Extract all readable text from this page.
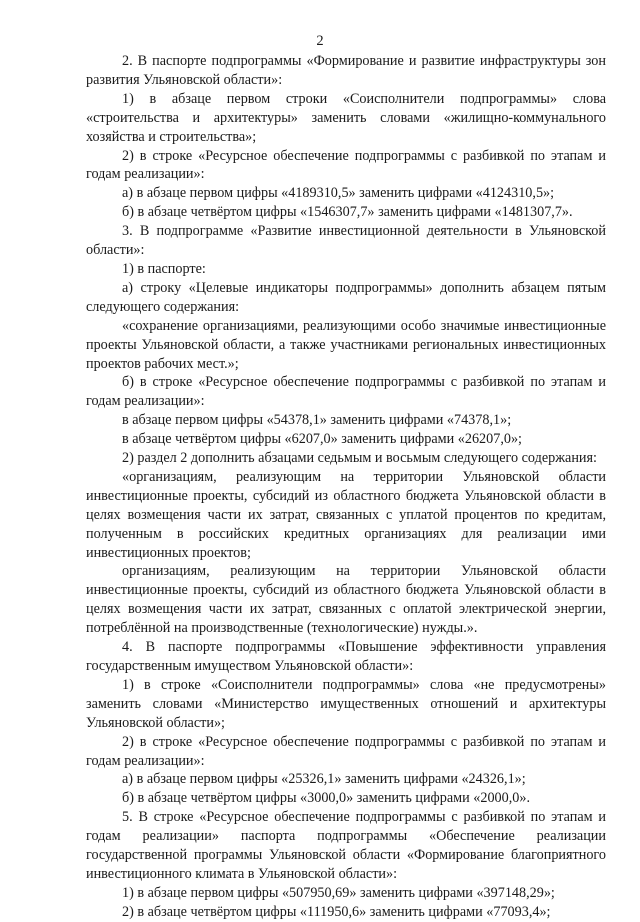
2

2. В паспорте подпрограммы «Формирование и развитие инфраструктуры зон развития Ульяновской области»:

1) в абзаце первом строки «Соисполнители подпрограммы» слова «строительства и архитектуры» заменить словами «жилищно-коммунального хозяйства и строительства»;

2) в строке «Ресурсное обеспечение подпрограммы с разбивкой по этапам и годам реализации»:

а) в абзаце первом цифры «4189310,5» заменить цифрами «4124310,5»;

б) в абзаце четвёртом цифры «1546307,7» заменить цифрами «1481307,7».

3. В подпрограмме «Развитие инвестиционной деятельности в Ульяновской области»:

1) в паспорте:

а) строку «Целевые индикаторы подпрограммы» дополнить абзацем пятым следующего содержания:

«сохранение организациями, реализующими особо значимые инвестиционные проекты Ульяновской области, а также участниками региональных инвестиционных проектов рабочих мест.»;

б) в строке «Ресурсное обеспечение подпрограммы с разбивкой по этапам и годам реализации»:

в абзаце первом цифры «54378,1» заменить цифрами «74378,1»;

в абзаце четвёртом цифры «6207,0» заменить цифрами «26207,0»;

2) раздел 2 дополнить абзацами седьмым и восьмым следующего содержания:

«организациям, реализующим на территории Ульяновской области инвестиционные проекты, субсидий из областного бюджета Ульяновской области в целях возмещения части их затрат, связанных с уплатой процентов по кредитам, полученным в российских кредитных организациях для реализации ими инвестиционных проектов;

организациям, реализующим на территории Ульяновской области инвестиционные проекты, субсидий из областного бюджета Ульяновской области в целях возмещения части их затрат, связанных с оплатой электрической энергии, потреблённой на производственные (технологические) нужды.».

4. В паспорте подпрограммы «Повышение эффективности управления государственным имуществом Ульяновской области»:

1) в строке «Соисполнители подпрограммы» слова «не предусмотрены» заменить словами «Министерство имущественных отношений и архитектуры Ульяновской области»;

2) в строке «Ресурсное обеспечение подпрограммы с разбивкой по этапам и годам реализации»:

а) в абзаце первом цифры «25326,1» заменить цифрами «24326,1»;

б) в абзаце четвёртом цифры «3000,0» заменить цифрами «2000,0».

5. В строке «Ресурсное обеспечение подпрограммы с разбивкой по этапам и годам реализации» паспорта подпрограммы «Обеспечение реализации государственной программы Ульяновской области «Формирование благоприятного инвестиционного климата в Ульяновской области»:

1) в абзаце первом цифры «507950,69» заменить цифрами «397148,29»;

2) в абзаце четвёртом цифры «111950,6» заменить цифрами «77093,4»;
